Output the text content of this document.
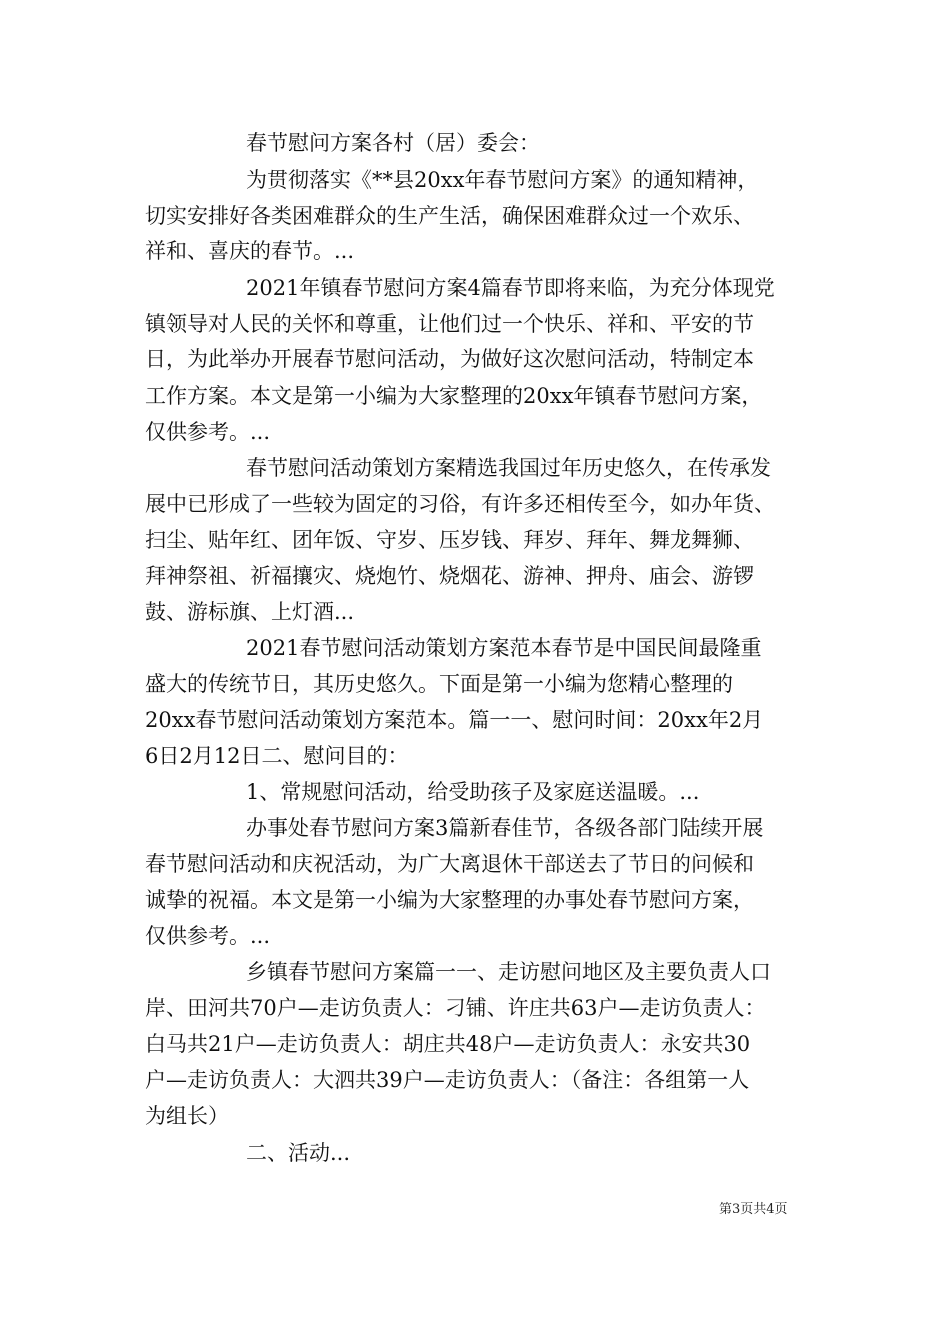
春节慰问方案各村（居）委会：
为贯彻落实《**县20xx年春节慰问方案》的通知精神，
切实安排好各类困难群众的生产生活，确保困难群众过一个欢乐、
祥和、喜庆的春节。...
2021年镇春节慰问方案4篇春节即将来临，为充分体现党
镇领导对人民的关怀和尊重，让他们过一个快乐、祥和、平安的节
日，为此举办开展春节慰问活动，为做好这次慰问活动，特制定本
工作方案。本文是第一小编为大家整理的20xx年镇春节慰问方案，
仅供参考。...
春节慰问活动策划方案精选我国过年历史悠久，在传承发
展中已形成了一些较为固定的习俗，有许多还相传至今，如办年货、
扫尘、贴年红、团年饭、守岁、压岁钱、拜岁、拜年、舞龙舞狮、
拜神祭祖、祈福攘灾、烧炮竹、烧烟花、游神、押舟、庙会、游锣
鼓、游标旗、上灯酒...
2021春节慰问活动策划方案范本春节是中国民间最隆重
盛大的传统节日，其历史悠久。下面是第一小编为您精心整理的
20xx春节慰问活动策划方案范本。篇一一、慰问时间：20xx年2月
6日2月12日二、慰问目的：
1、常规慰问活动，给受助孩子及家庭送温暖。...
办事处春节慰问方案3篇新春佳节，各级各部门陆续开展
春节慰问活动和庆祝活动，为广大离退休干部送去了节日的问候和
诚挚的祝福。本文是第一小编为大家整理的办事处春节慰问方案，
仅供参考。...
乡镇春节慰问方案篇一一、走访慰问地区及主要负责人口
岸、田河共70户—走访负责人：刁铺、许庄共63户—走访负责人：
白马共21户—走访负责人：胡庄共48户—走访负责人：永安共30
户—走访负责人：大泗共39户—走访负责人：（备注：各组第一人
为组长）
二、活动...
第3页共4页
